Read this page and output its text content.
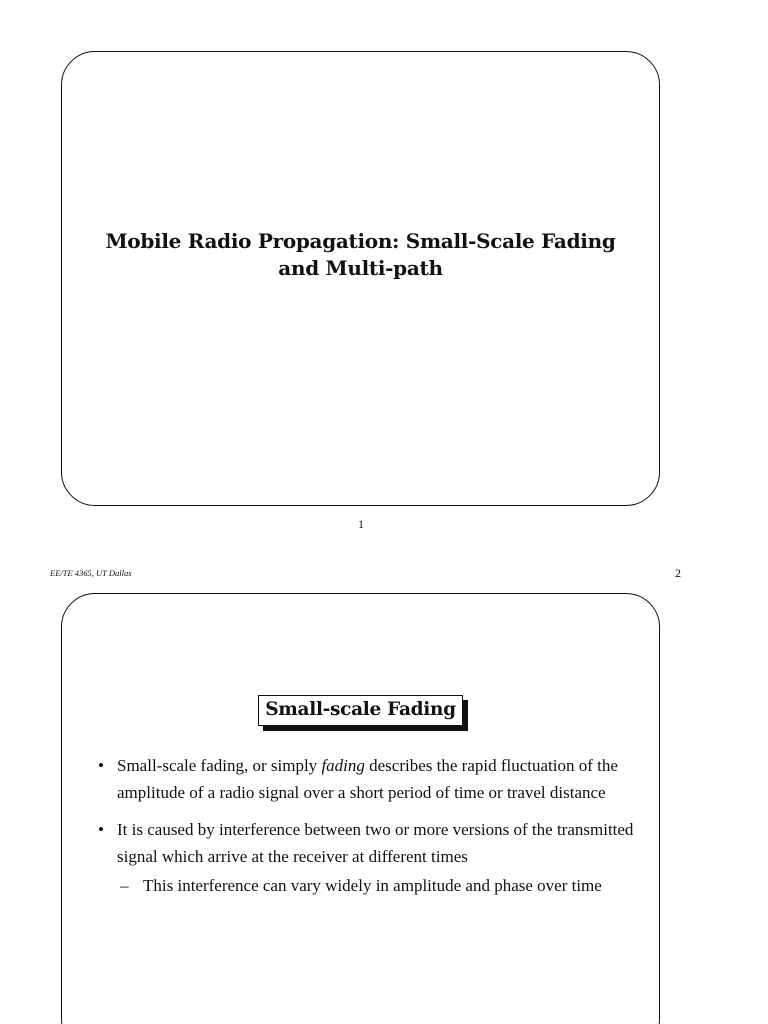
Mobile Radio Propagation: Small-Scale Fading
and Multi-path
1
EE/TE 4365, UT Dallas	2
Small-scale Fading
• Small-scale fading, or simply fading describes the rapid fluctuation of the amplitude of a radio signal over a short period of time or travel distance
• It is caused by interference between two or more versions of the transmitted signal which arrive at the receiver at different times
– This interference can vary widely in amplitude and phase over time
